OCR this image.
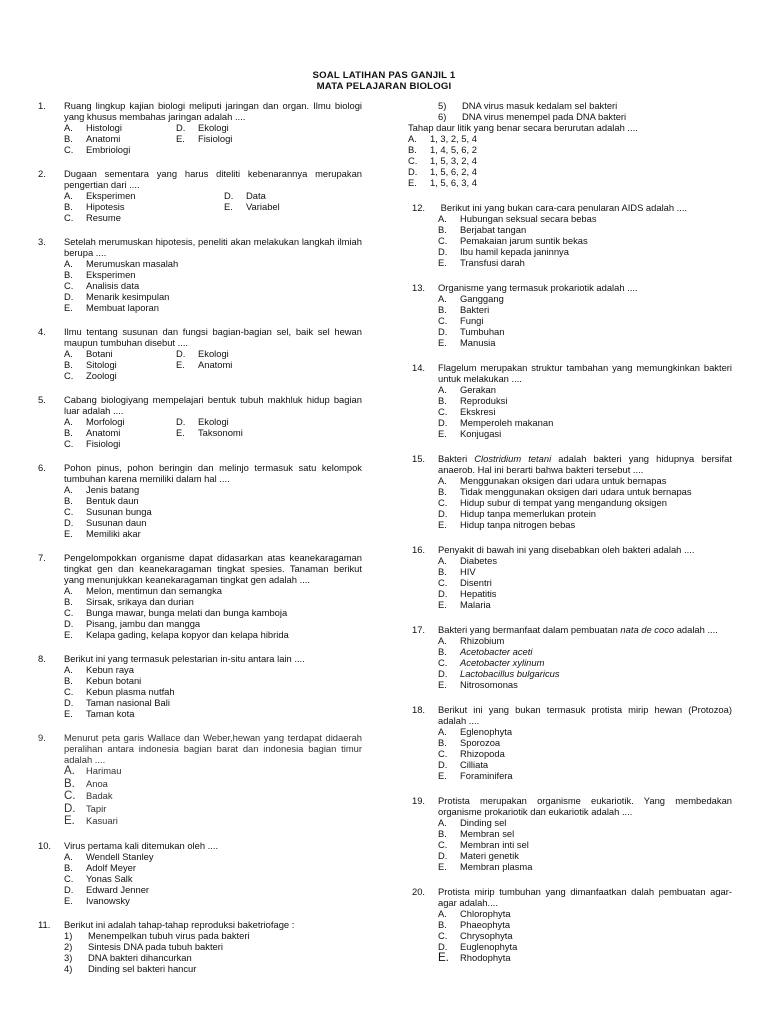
SOAL LATIHAN PAS GANJIL 1
MATA PELAJARAN BIOLOGI
1.	Ruang lingkup kajian biologi meliputi jaringan dan organ. Ilmu biologi yang khusus membahas jaringan adalah ....
A.	Histologi	D.	Ekologi
B.	Anatomi	E.	Fisiologi
C.	Embriologi
2.	Dugaan sementara yang harus diteliti kebenarannya merupakan pengertian dari ....
A.	Eksperimen	D.	Data
B.	Hipotesis	E.	Variabel
C.	Resume
3.	Setelah merumuskan hipotesis, peneliti akan melakukan langkah ilmiah berupa ....
A.	Merumuskan masalah
B.	Eksperimen
C.	Analisis data
D.	Menarik kesimpulan
E.	Membuat laporan
4.	Ilmu tentang susunan dan fungsi bagian-bagian sel, baik sel hewan maupun tumbuhan disebut ....
A.	Botani	D.	Ekologi
B.	Sitologi	E.	Anatomi
C.	Zoologi
5.	Cabang biologiyang mempelajari bentuk tubuh makhluk hidup bagian luar adalah ....
A.	Morfologi	D.	Ekologi
B.	Anatomi	E.	Taksonomi
C.	Fisiologi
6.	Pohon pinus, pohon beringin dan melinjo termasuk satu kelompok tumbuhan karena memiliki dalam hal ....
A.	Jenis batang
B.	Bentuk daun
C.	Susunan bunga
D.	Susunan daun
E.	Memiliki akar
7.	Pengelompokkan organisme dapat didasarkan atas keanekaragaman tingkat gen dan keanekaragaman tingkat spesies. Tanaman berikut yang menunjukkan keanekaragaman tingkat gen adalah ....
A.	Melon, mentimun dan semangka
B.	Sirsak, srikaya dan durian
C.	Bunga mawar, bunga melati dan bunga kamboja
D.	Pisang, jambu dan mangga
E.	Kelapa gading, kelapa kopyor dan kelapa hibrida
8.	Berikut ini yang termasuk pelestarian in-situ antara lain ....
A.	Kebun raya
B.	Kebun botani
C.	Kebun plasma nutfah
D.	Taman nasional Bali
E.	Taman kota
9.	Menurut peta garis Wallace dan Weber,hewan yang terdapat didaerah peralihan antara indonesia bagian barat dan indonesia bagian timur adalah ....
A.	Harimau
B.	Anoa
C.	Badak
D.	Tapir
E.	Kasuari
10.	Virus pertama kali ditemukan oleh ....
A.	Wendell Stanley
B.	Adolf Meyer
C.	Yonas Salk
D.	Edward Jenner
E.	Ivanowsky
11.	Berikut ini adalah tahap-tahap reproduksi baketriofage :
1)	Menempelkan tubuh virus pada bakteri
2)	Sintesis DNA pada tubuh bakteri
3)	DNA bakteri dihancurkan
4)	Dinding sel bakteri hancur
5)	DNA virus masuk kedalam sel bakteri
6)	DNA virus menempel pada DNA bakteri
Tahap daur litik yang benar secara berurutan adalah ....
A.	1, 3, 2, 5, 4
B.	1, 4, 5, 6, 2
C.	1, 5, 3, 2, 4
D.	1, 5, 6, 2, 4
E.	1, 5, 6, 3, 4
12.	Berikut ini yang bukan cara-cara penularan AIDS adalah ....
A.	Hubungan seksual secara bebas
B.	Berjabat tangan
C.	Pemakaian jarum suntik bekas
D.	Ibu hamil kepada janinnya
E.	Transfusi darah
13.	Organisme yang termasuk prokariotik adalah ....
A.	Ganggang
B.	Bakteri
C.	Fungi
D.	Tumbuhan
E.	Manusia
14.	Flagelum merupakan struktur tambahan yang memungkinkan bakteri untuk melakukan ....
A.	Gerakan
B.	Reproduksi
C.	Ekskresi
D.	Memperoleh makanan
E.	Konjugasi
15.	Bakteri Clostridium tetani adalah bakteri yang hidupnya bersifat anaerob. Hal ini berarti bahwa bakteri tersebut ....
A.	Menggunakan oksigen dari udara untuk bernapas
B.	Tidak menggunakan oksigen dari udara untuk bernapas
C.	Hidup subur di tempat yang mengandung oksigen
D.	Hidup tanpa memerlukan protein
E.	Hidup tanpa nitrogen bebas
16.	Penyakit di bawah ini yang disebabkan oleh bakteri adalah ....
A.	Diabetes
B.	HIV
C.	Disentri
D.	Hepatitis
E.	Malaria
17.	Bakteri yang bermanfaat dalam pembuatan nata de coco adalah ....
A.	Rhizobium
B.	Acetobacter aceti
C.	Acetobacter xylinum
D.	Lactobacillus bulgaricus
E.	Nitrosomonas
18.	Berikut ini yang bukan termasuk protista mirip hewan (Protozoa) adalah ....
A.	Eglenophyta
B.	Sporozoa
C.	Rhizopoda
D.	Cilliata
E.	Foraminifera
19.	Protista merupakan organisme eukariotik. Yang membedakan organisme prokariotik dan eukariotik adalah ....
A.	Dinding sel
B.	Membran sel
C.	Membran inti sel
D.	Materi genetik
E.	Membran plasma
20.	Protista mirip tumbuhan yang dimanfaatkan dalah pembuatan agar-agar adalah....
A.	Chlorophyta
B.	Phaeophyta
C.	Chrysophyta
D.	Euglenophyta
E.	Rhodophyta
